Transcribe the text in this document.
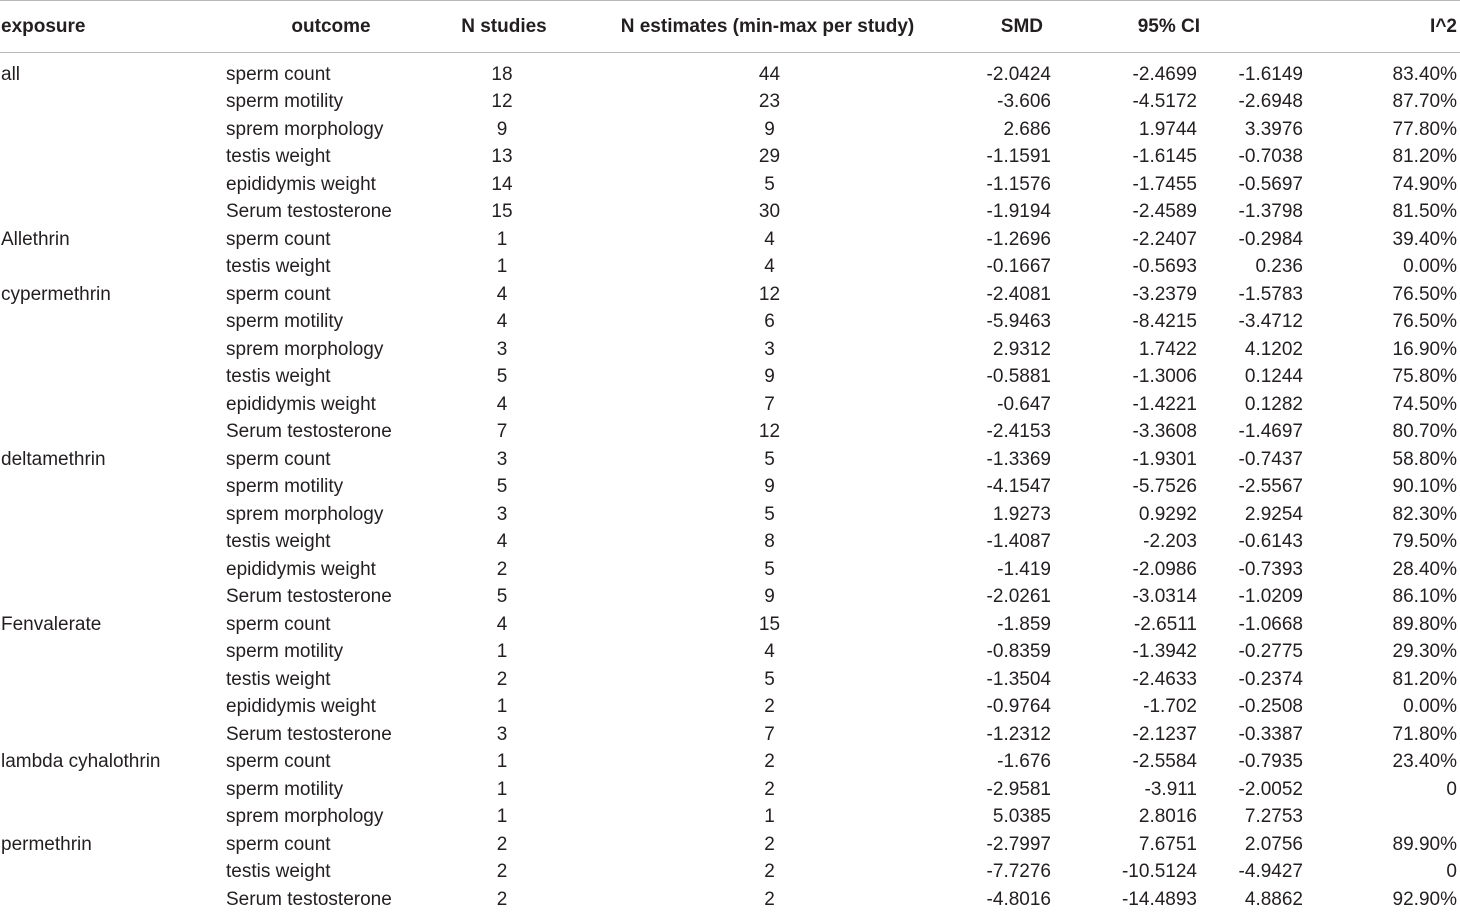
exposure	outcome	N studies	N estimates (min-max per study)	SMD	95% CI		I^2
all	sperm count	18	44	-2.0424	-2.4699	-1.6149	83.40%
	sperm motility	12	23	-3.606	-4.5172	-2.6948	87.70%
	sprem morphology	9	9	2.686	1.9744	3.3976	77.80%
	testis weight	13	29	-1.1591	-1.6145	-0.7038	81.20%
	epididymis weight	14	5	-1.1576	-1.7455	-0.5697	74.90%
	Serum testosterone	15	30	-1.9194	-2.4589	-1.3798	81.50%
Allethrin	sperm count	1	4	-1.2696	-2.2407	-0.2984	39.40%
	testis weight	1	4	-0.1667	-0.5693	0.236	0.00%
cypermethrin	sperm count	4	12	-2.4081	-3.2379	-1.5783	76.50%
	sperm motility	4	6	-5.9463	-8.4215	-3.4712	76.50%
	sprem morphology	3	3	2.9312	1.7422	4.1202	16.90%
	testis weight	5	9	-0.5881	-1.3006	0.1244	75.80%
	epididymis weight	4	7	-0.647	-1.4221	0.1282	74.50%
	Serum testosterone	7	12	-2.4153	-3.3608	-1.4697	80.70%
deltamethrin	sperm count	3	5	-1.3369	-1.9301	-0.7437	58.80%
	sperm motility	5	9	-4.1547	-5.7526	-2.5567	90.10%
	sprem morphology	3	5	1.9273	0.9292	2.9254	82.30%
	testis weight	4	8	-1.4087	-2.203	-0.6143	79.50%
	epididymis weight	2	5	-1.419	-2.0986	-0.7393	28.40%
	Serum testosterone	5	9	-2.0261	-3.0314	-1.0209	86.10%
Fenvalerate	sperm count	4	15	-1.859	-2.6511	-1.0668	89.80%
	sperm motility	1	4	-0.8359	-1.3942	-0.2775	29.30%
	testis weight	2	5	-1.3504	-2.4633	-0.2374	81.20%
	epididymis weight	1	2	-0.9764	-1.702	-0.2508	0.00%
	Serum testosterone	3	7	-1.2312	-2.1237	-0.3387	71.80%
lambda cyhalothrin	sperm count	1	2	-1.676	-2.5584	-0.7935	23.40%
	sperm motility	1	2	-2.9581	-3.911	-2.0052	0
	sprem morphology	1	1	5.0385	2.8016	7.2753	
permethrin	sperm count	2	2	-2.7997	7.6751	2.0756	89.90%
	testis weight	2	2	-7.7276	-10.5124	-4.9427	0
	Serum testosterone	2	2	-4.8016	-14.4893	4.8862	92.90%
